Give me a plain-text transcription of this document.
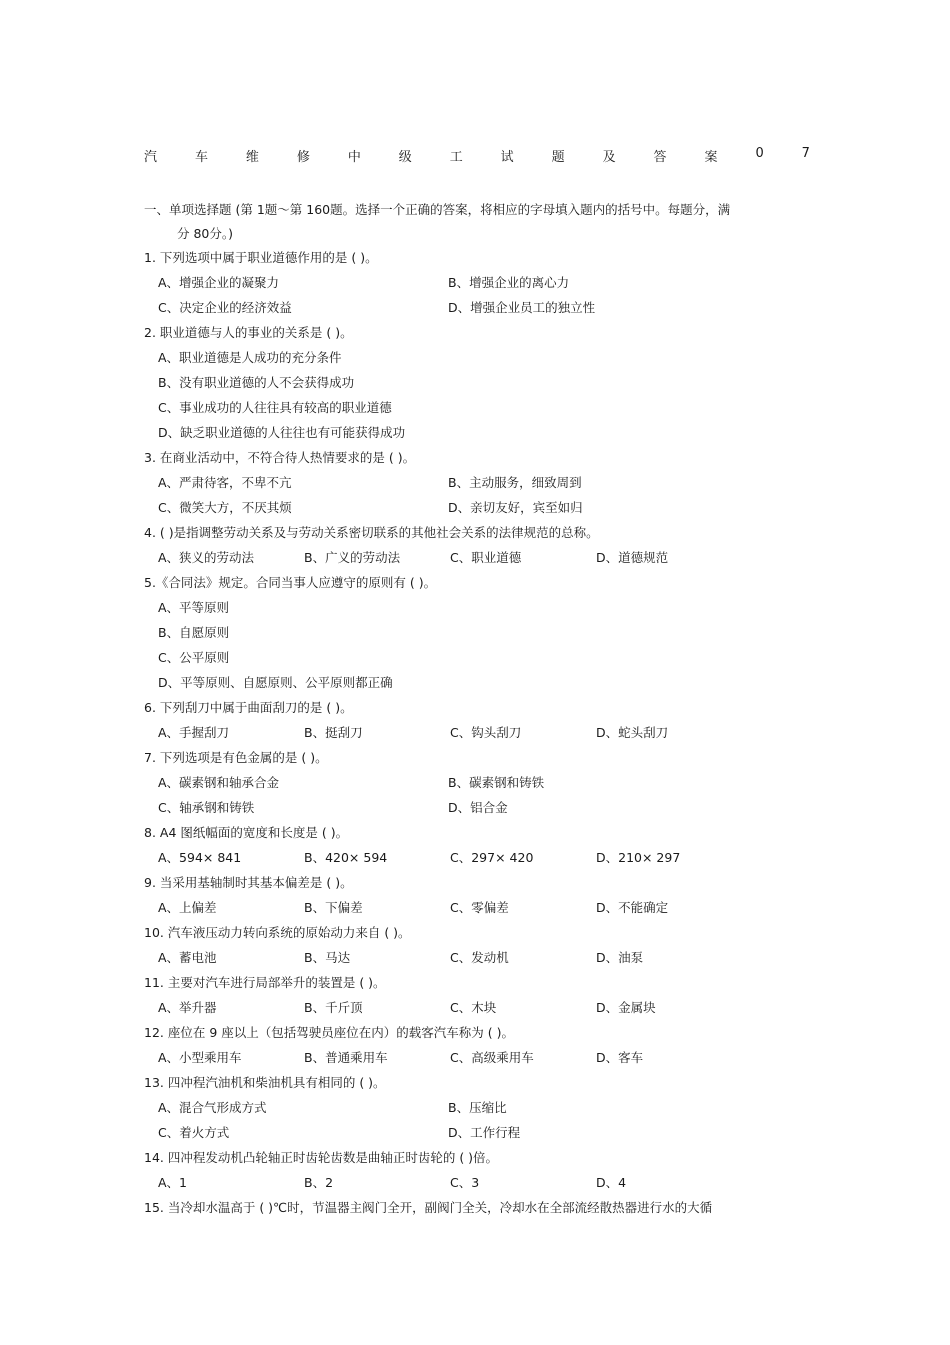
汽	车	维	修	中	级	工	试	题	及	答	案	0	7
一、单项选择题 (第 1题～第 160题。选择一个正确的答案，将相应的字母填入题内的括号中。每题分，满
分 80分。)
1. 下列选项中属于职业道德作用的是 ( )。
A、增强企业的凝聚力	B、增强企业的离心力
C、决定企业的经济效益	D、增强企业员工的独立性
2. 职业道德与人的事业的关系是 ( )。
A、职业道德是人成功的充分条件
B、没有职业道德的人不会获得成功
C、事业成功的人往往具有较高的职业道德
D、缺乏职业道德的人往往也有可能获得成功
3. 在商业活动中，不符合待人热情要求的是 ( )。
A、严肃待客，不卑不亢	B、主动服务，细致周到
C、微笑大方，不厌其烦	D、亲切友好，宾至如归
4. ( )是指调整劳动关系及与劳动关系密切联系的其他社会关系的法律规范的总称。
A、狭义的劳动法	B、广义的劳动法	C、职业道德	D、道德规范
5.《合同法》规定。合同当事人应遵守的原则有 ( )。
A、平等原则
B、自愿原则
C、公平原则
D、平等原则、自愿原则、公平原则都正确
6. 下列刮刀中属于曲面刮刀的是 ( )。
A、手握刮刀	B、挺刮刀	C、钩头刮刀	D、蛇头刮刀
7. 下列选项是有色金属的是 ( )。
A、碳素钢和轴承合金	B、碳素钢和铸铁
C、轴承钢和铸铁	D、铝合金
8. A4 图纸幅面的宽度和长度是 ( )。
A、594× 841	B、420× 594	C、297× 420	D、210× 297
9. 当采用基轴制时其基本偏差是 ( )。
A、上偏差	B、下偏差	C、零偏差	D、不能确定
10. 汽车液压动力转向系统的原始动力来自 ( )。
A、蓄电池	B、马达	C、发动机	D、油泵
11. 主要对汽车进行局部举升的装置是 ( )。
A、举升器	B、千斤顶	C、木块	D、金属块
12. 座位在 9 座以上（包括驾驶员座位在内）的载客汽车称为 ( )。
A、小型乘用车	B、普通乘用车	C、高级乘用车	D、客车
13. 四冲程汽油机和柴油机具有相同的 ( )。
A、混合气形成方式	B、压缩比
C、着火方式	D、工作行程
14. 四冲程发动机凸轮轴正时齿轮齿数是曲轴正时齿轮的 ( )倍。
A、1	B、2	C、3	D、4
15. 当冷却水温高于 ( )℃时，节温器主阀门全开，副阀门全关，冷却水在全部流经散热器进行水的大循
